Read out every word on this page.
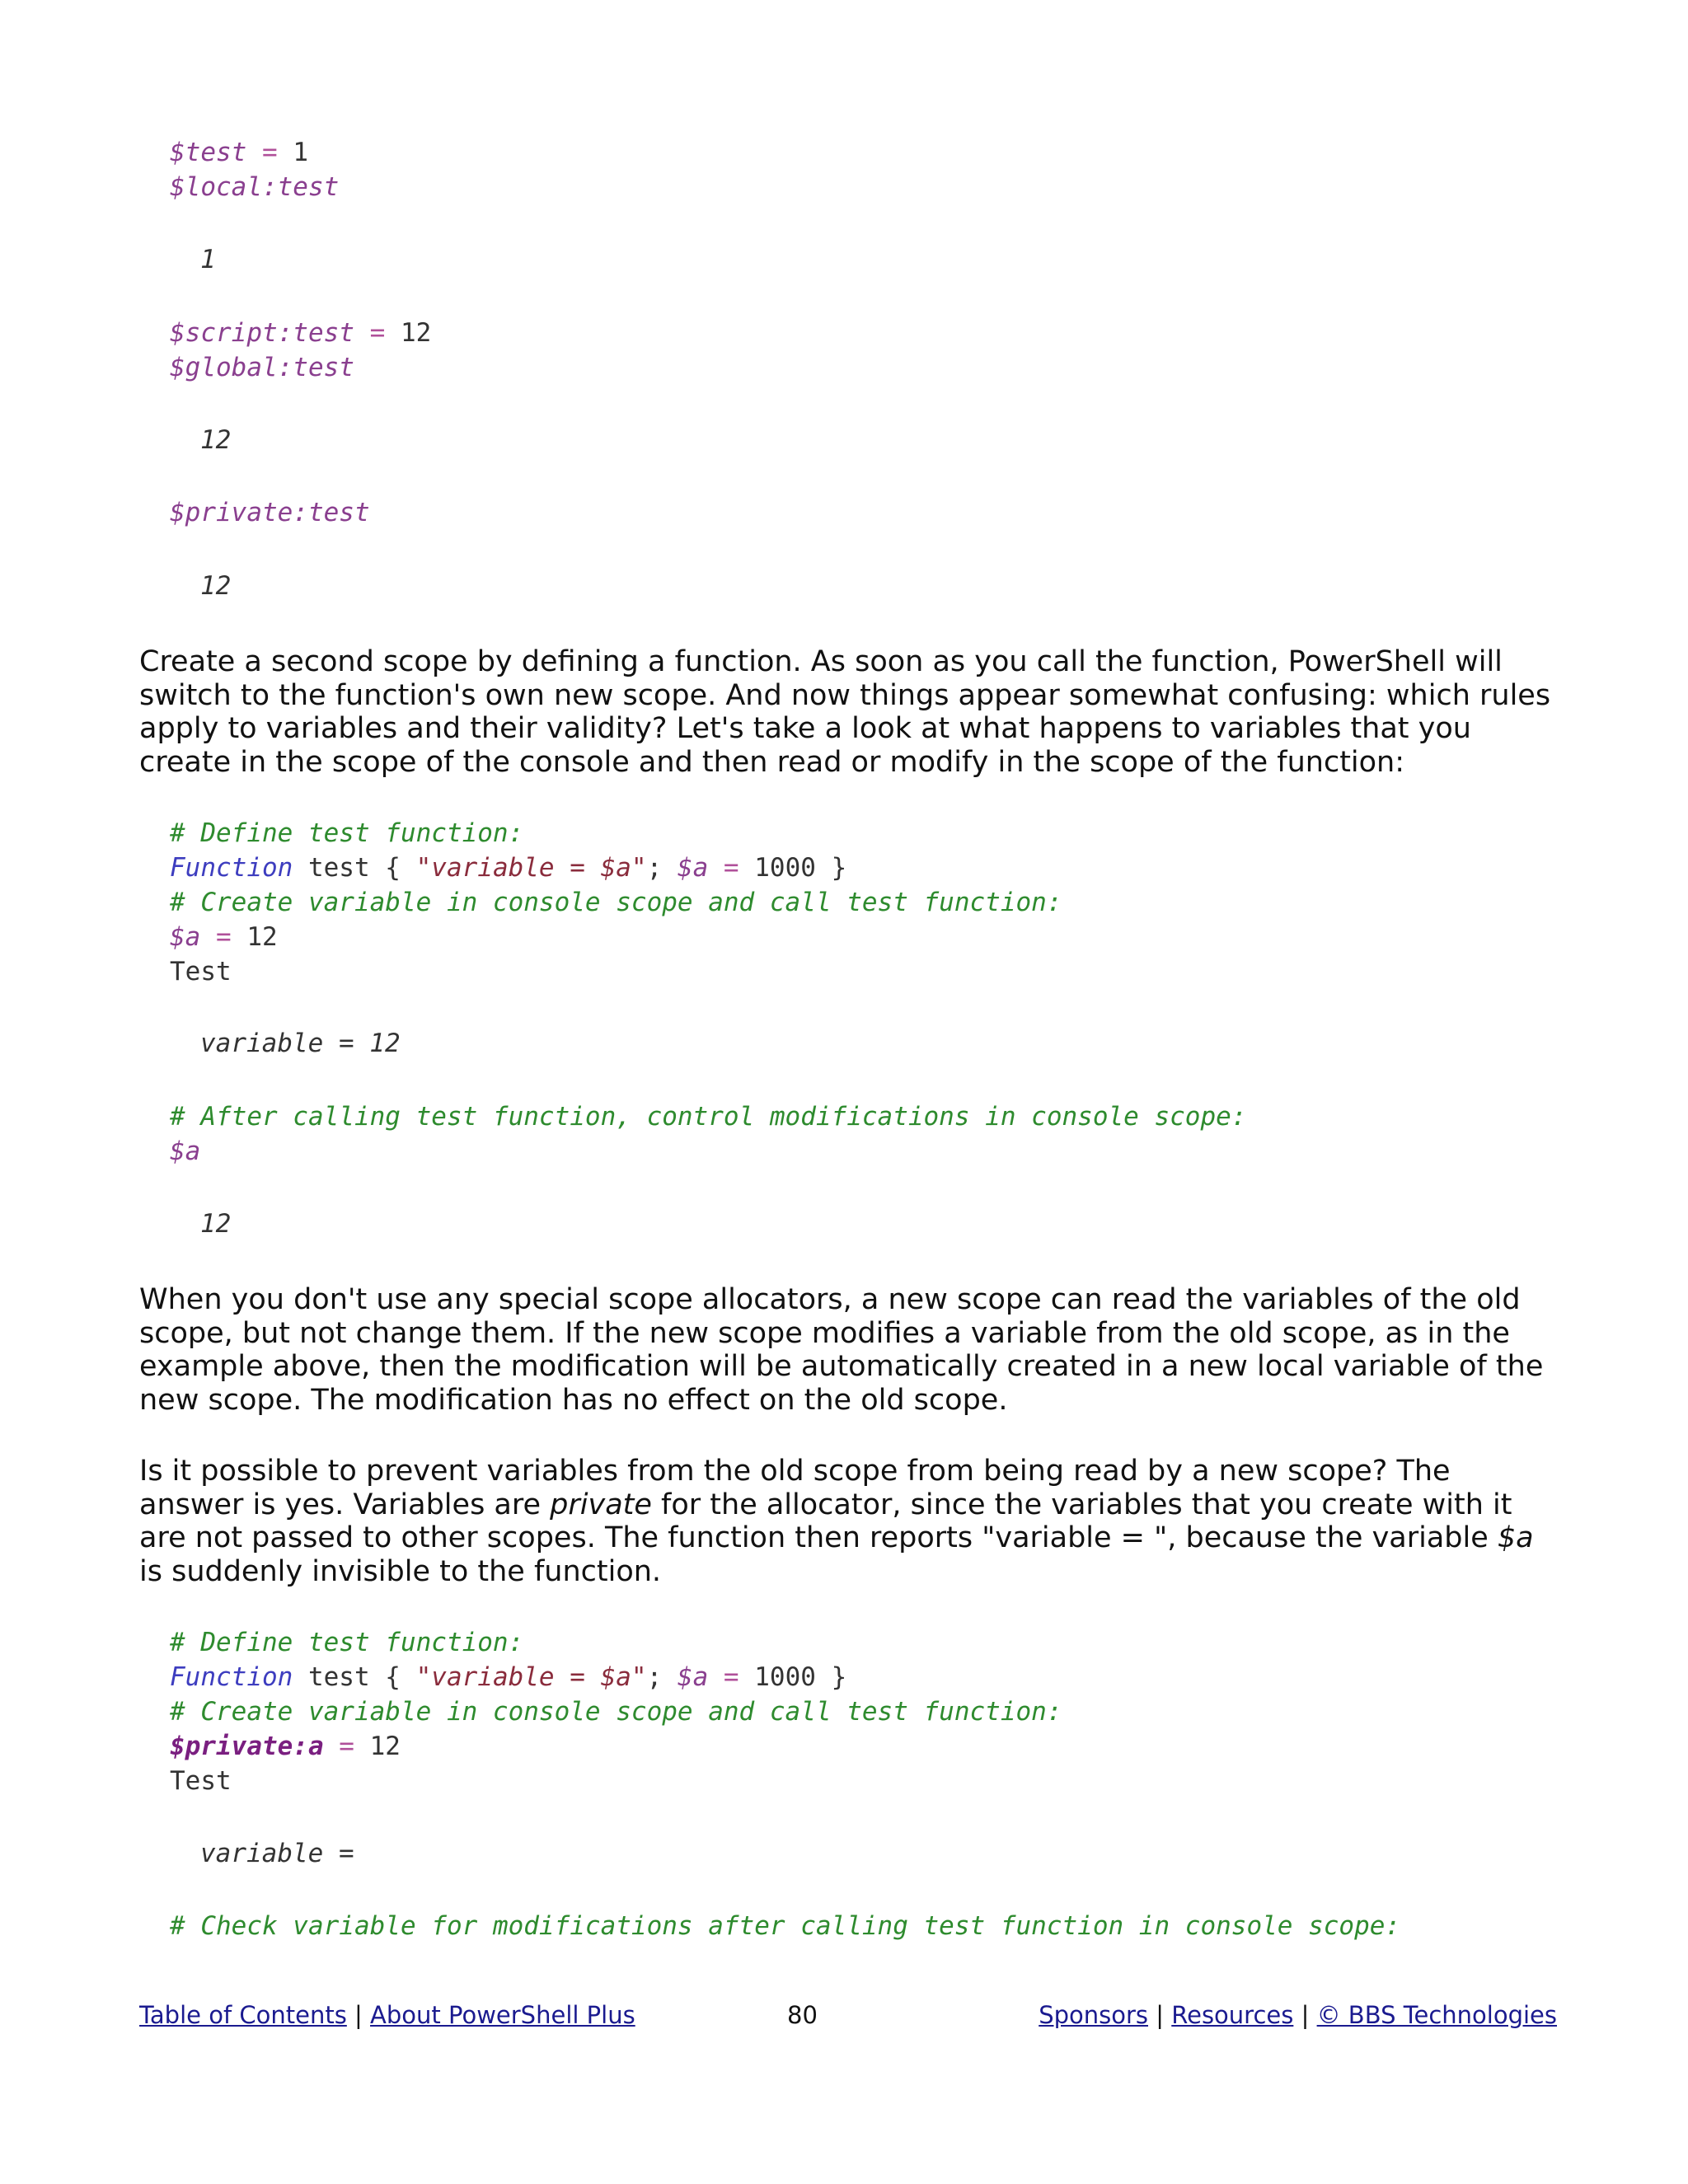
$test = 1
$local:test
1
$script:test = 12
$global:test
12
$private:test
12

Create a second scope by defining a function. As soon as you call the function, PowerShell will switch to the function's own new scope. And now things appear somewhat confusing: which rules apply to variables and their validity? Let's take a look at what happens to variables that you create in the scope of the console and then read or modify in the scope of the function:

# Define test function:
Function test { "variable = $a"; $a = 1000 }
# Create variable in console scope and call test function:
$a = 12
Test
variable = 12
# After calling test function, control modifications in console scope:
$a
12

When you don't use any special scope allocators, a new scope can read the variables of the old scope, but not change them. If the new scope modifies a variable from the old scope, as in the example above, then the modification will be automatically created in a new local variable of the new scope. The modification has no effect on the old scope.

Is it possible to prevent variables from the old scope from being read by a new scope? The answer is yes. Variables are private for the allocator, since the variables that you create with it are not passed to other scopes. The function then reports "variable = ", because the variable $a is suddenly invisible to the function.

# Define test function:
Function test { "variable = $a"; $a = 1000 }
# Create variable in console scope and call test function:
$private:a = 12
Test
variable =
# Check variable for modifications after calling test function in console scope:
Table of Contents | About PowerShell Plus	80	Sponsors | Resources | © BBS Technologies
